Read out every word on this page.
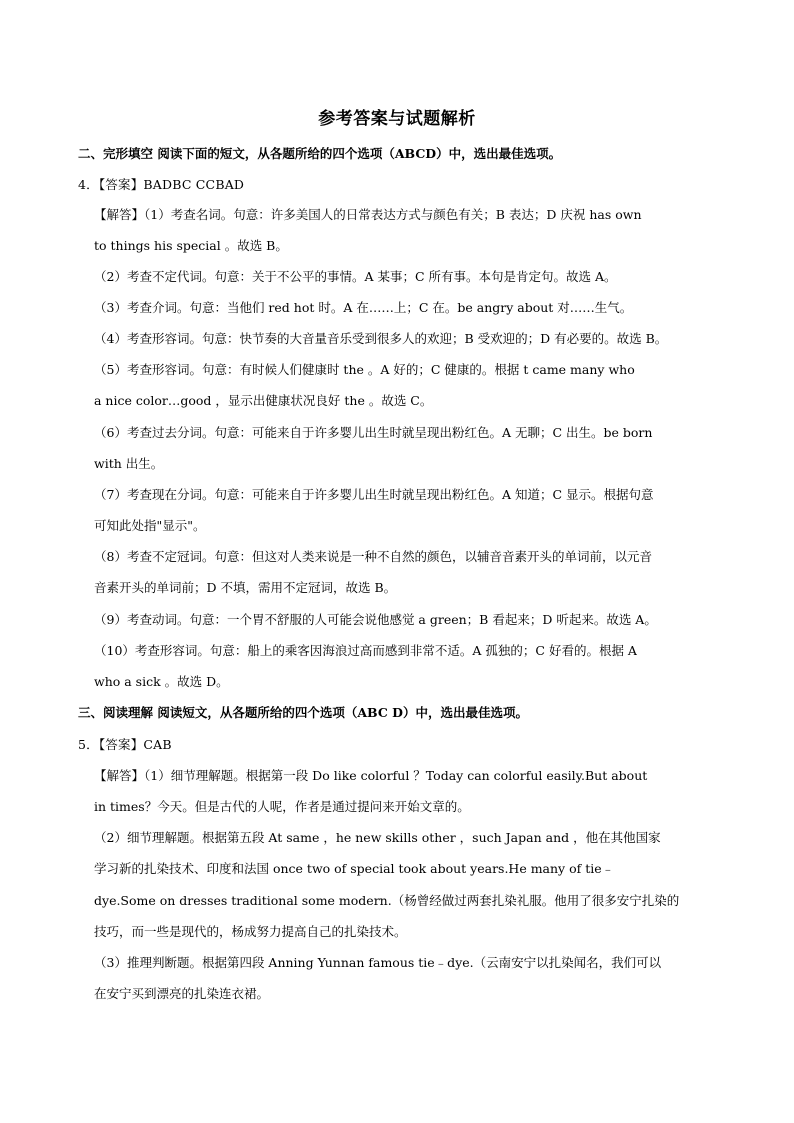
参考答案与试题解析
二、完形填空 阅读下面的短文，从各题所给的四个选项（ABCD）中，选出最佳选项。
4．【答案】BADBC CCBAD
【解答】（1）考查名词。句意：许多美国人的日常表达方式与颜色有关；B 表达；D 庆祝 has own
to things his special 。故选 B。
（2）考查不定代词。句意：关于不公平的事情。A 某事；C 所有事。本句是肯定句。故选 A。
（3）考查介词。句意：当他们 red hot 时。A 在……上；C 在。be angry about 对……生气。
（4）考查形容词。句意：快节奏的大音量音乐受到很多人的欢迎；B 受欢迎的；D 有必要的。故选 B。
（5）考查形容词。句意：有时候人们健康时 the 。A 好的；C 健康的。根据 t came many who
a nice color…good ，显示出健康状况良好 the 。故选 C。
（6）考查过去分词。句意：可能来自于许多婴儿出生时就呈现出粉红色。A 无聊；C 出生。be born
with 出生。
（7）考查现在分词。句意：可能来自于许多婴儿出生时就呈现出粉红色。A 知道；C 显示。根据句意
可知此处指"显示"。
（8）考查不定冠词。句意：但这对人类来说是一种不自然的颜色，以辅音音素开头的单词前，以元音
音素开头的单词前；D 不填，需用不定冠词，故选 B。
（9）考查动词。句意：一个胃不舒服的人可能会说他感觉 a green；B 看起来；D 听起来。故选 A。
（10）考查形容词。句意：船上的乘客因海浪过高而感到非常不适。A 孤独的；C 好看的。根据 A
who a sick 。故选 D。
三、阅读理解 阅读短文，从各题所给的四个选项（ABC D）中，选出最佳选项。
5．【答案】CAB
【解答】（1）细节理解题。根据第一段 Do like colorful ？Today can colorful easily.But about
in times？今天。但是古代的人呢，作者是通过提问来开始文章的。
（2）细节理解题。根据第五段 At same ，he new skills other ，such Japan and ，他在其他国家
学习新的扎染技术、印度和法国 once two of special took about years.He many of tie﹣
dye.Some on dresses traditional some modern.（杨曾经做过两套扎染礼服。他用了很多安宁扎染的
技巧，而一些是现代的，杨成努力提高自己的扎染技术。
（3）推理判断题。根据第四段 Anning Yunnan famous tie﹣dye.（云南安宁以扎染闻名，我们可以
在安宁买到漂亮的扎染连衣裙。
